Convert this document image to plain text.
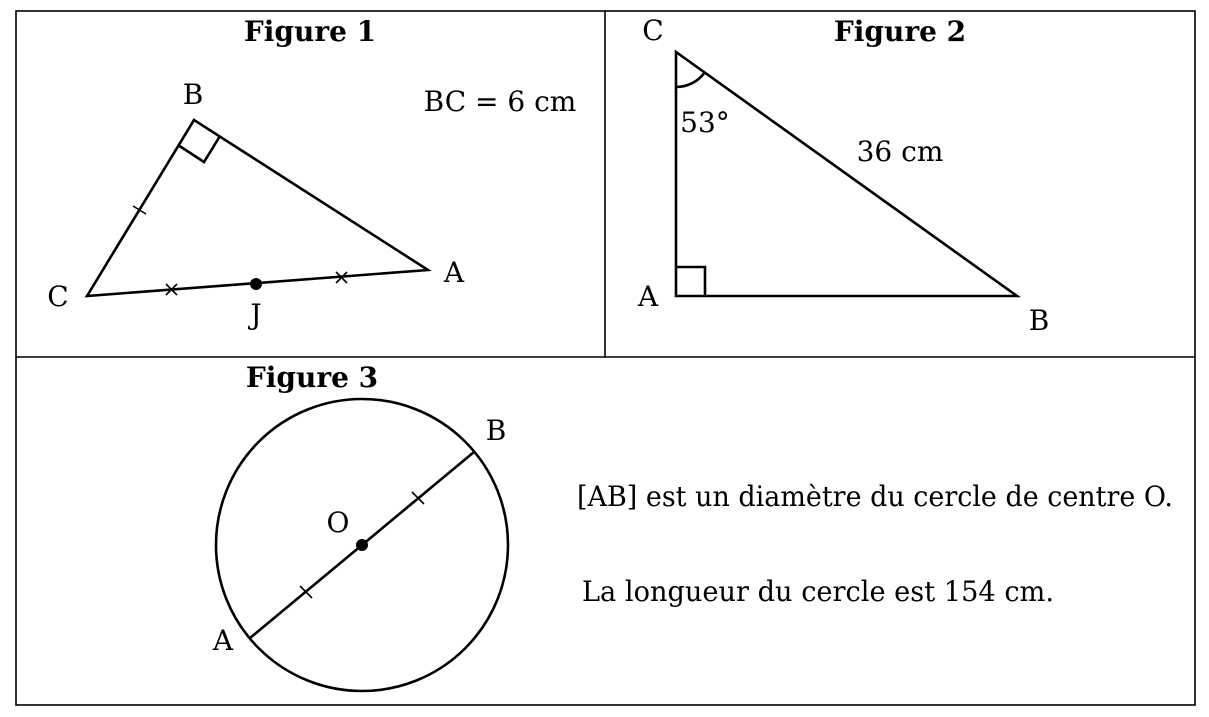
Figure 1
BC = 6 cm
B
C
A
J
Figure 2
53°
36 cm
C
A
B
Figure 3
O
A
B
[AB] est un diamètre du cercle de centre O.
La longueur du cercle est 154 cm.
